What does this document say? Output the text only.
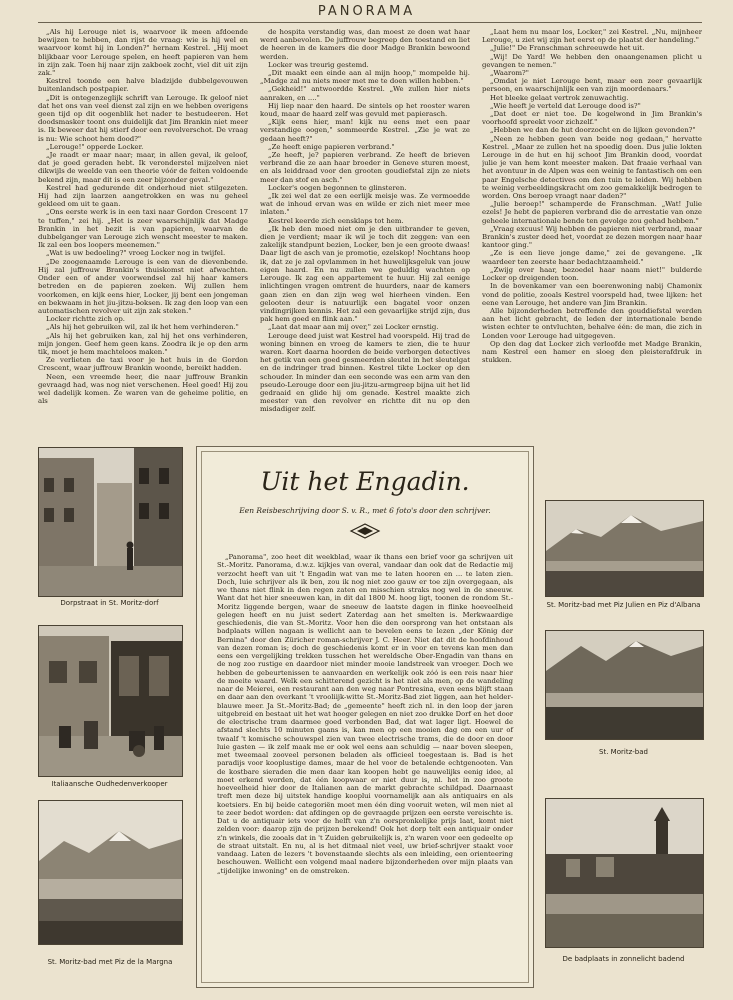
PANORAMA

„Als hij Lerouge niet is, waarvoor ik meen afdoende bewijzen te hebben, dan rijst de vraag: wie is hij wel en waarvoor komt hij in Londen?" hernam Kestrel. „Hij moet blijkbaar voor Lerouge spelen, en heeft papieren van hem in zijn zak. Toen hij naar zijn zakboek zocht, viel dit uit zijn zak."

Kestrel toonde een halve bladzijde dubbelgevouwen buitenlandsch postpapier.

„Dit is ontegenzeglijk schrift van Lerouge. Ik geloof niet dat het ons van veel dienst zal zijn en we hebben overigens geen tijd op dit oogenblik het nader te bestudeeren. Het doodsmasker toont ons duidelijk dat Jim Brankin niet meer is. Ik beweer dat hij stierf door een revolverschot. De vraag is nu: Wie schoot hem dood?"

„Lerouge!" opperde Locker.

„Je raadt er maar naar; maar, in allen geval, ik geloof, dat je goed geraden hebt. Ik veronderstel mijzelven niet dikwijls de weelde van een theorie vóór de feiten voldoende bekend zijn, maar dit is een zeer bijzonder geval."

Kestrel had gedurende dit onderhoud niet stilgezeten. Hij had zijn laarzen aangetrokken en was nu geheel gekleed om uit te gaan.

„Ons eerste werk is in een taxi naar Gordon Crescent 17 te tuffen," zei hij. „Het is zeer waarschijnlijk dat Madge Brankin in het bezit is van papieren, waarvan de dubbelganger van Lerouge zich wenscht meester te maken. Ik zal een bos loopers meenemen."

„Wat is uw bedoeling?" vroeg Locker nog in twijfel.

„De zoogenaamde Lerouge is een van de dievenbende. Hij zal juffrouw Brankin's thuiskomst niet afwachten. Onder een of ander voorwendsel zal hij haar kamers betreden en de papieren zoeken. Wij zullen hem voorkomen, en kijk eens hier, Locker, jij bent een jongeman en bekwaam in het jiu-jitzu-boksen. Ik zag den loop van een automatischen revolver uit zijn zak steken."

Locker richtte zich op.

„Als hij het gebruiken wil, zal ik het hem verhinderen."

„Als hij het gebruiken kan, zal hij het ons verhinderen, mijn jongen. Geef hem geen kans. Zoodra ik je op den arm tik, moet je hem machteloos maken."

Ze verlieten de taxi voor je het huis in de Gordon Crescent, waar juffrouw Brankin woonde, bereikt hadden.

Neen, een vreemde heer, die naar juffrouw Brankin gevraagd had, was nog niet verschenen. Heel goed! Hij zou wel dadelijk komen. Ze waren van de geheime politie, en als

de hospita verstandig was, dan moest ze doen wat haar werd aanbevolen. De juffrouw begreep den toestand en liet de heeren in de kamers die door Madge Brankin bewoond werden.

Locker was treurig gestemd.

„Dit maakt een einde aan al mijn hoop," mompelde hij. „Madge zal nu niets meer met me te doen willen hebben."

„Gekheid!" antwoordde Kestrel. „We zullen hier niets aanraken, en ...."

Hij liep naar den haard. De sintels op het rooster waren koud, maar de haard zelf was gevuld met papierasch.

„Kijk eens hier, man! kijk nu eens met een paar verstandige oogen," sommeerde Kestrel. „Zie je wat ze gedaan heeft?"

„Ze heeft enige papieren verbrand."

„Ze heeft, je? papieren verbrand. Ze heeft de brieven verbrand die ze aan haar broeder in Geneve sturen moest, en als leiddraad voor den grooten goudiefstal zijn ze niets meer dan stof en asch."

Locker's oogen begonnen te glinsteren.

„Ik zei wel dat ze een eerlijk meisje was. Ze vermoedde wat de inhoud ervan was en wilde er zich niet meer mee inlaten."

Kestrel keerde zich eensklaps tot hem.

„Ik heb den moed niet om je den uitbrander te geven, dien je verdient; maar ik wil je toch dit zeggen: van een zakelijk standpunt bezien, Locker, ben je een groote dwaas! Daar ligt de asch van je promotie, ezelskop! Nochtans hoop ik, dat ze je zal opvlammen in het huwelijksgeluk van jouw eigen haard. En nu zullen we geduldig wachten op Lerouge. Ik zag een appartement te huur. Hij zal eenige inlichtingen vragen omtrent de huurders, naar de kamers gaan zien en dan zijn weg wel hierheen vinden. Een gelooten deur is natuurlijk een bagatel voor onzen vindingrijken kennis. Het zal een gevaarlijke strijd zijn, dus pak hem goed en flink aan."

„Laat dat maar aan mij over," zei Locker ernstig.

Lerouge deed juist wat Kestrel had voorspeld. Hij trad de woning binnen en vroeg de kamers te zien, die te huur waren. Kort daarna hoorden de beide verborgen detectives het getik van een goed gesmeerden sleutel in het sleutelgat en de indringer trad binnen. Kestrel tikte Locker op den schouder. In minder dan een seconde was een arm van den pseudo-Lerouge door een jiu-jitzu-armgreep bijna uit het lid gedraaid en glide hij om genade. Kestrel maakte zich meester van den revolver en richtte dit nu op den misdadiger zelf.

„Laat hem nu maar los, Locker," zei Kestrel. „Nu, mijnheer Lerouge, u ziet wij zijn het eerst op de plaatst der handeling."

„Julie!" De Franschman schreeuwde het uit.

„Wij! De Yard! We hebben den onaangenamen plicht u gevangen te nemen."

„Waarom?"

„Omdat je niet Lerouge bent, maar een zeer gevaarlijk persoon, en waarschijnlijk een van zijn moordenaars."

Het bleeke gelaat vertrok zenuwachtig.

„Wie heeft je verteld dat Lerouge dood is?"

„Dat doet er niet toe. De kogelwond in Jim Brankin's voorhoofd spreekt voor zichzelf."

„Hebben we dan de hut doorzocht en de lijken gevonden?"

„Neen ze hebben geen van beide nog gedaan," hervatte Kestrel. „Maar ze zullen het na spoedig doen. Dus julie lokten Lerouge in de hut en hij schoot Jim Brankin dood, voordat julie je van hem kont meester maken. Dat fraaie verhaal van het avontuur in de Alpen was een weinig te fantastisch om een paar Engelsche detectives om den tuin te leiden. Wij hebben te weinig verbeeldingskracht om zoo gemakkelijk bedrogen te worden. Ons beroep vraagt naar daden?"

„Julie beroep!" schamperde de Franschman. „Wat! Julie ezels! Je hebt de papieren verbrand die de arrestatie van onze geheele internationale bende ten gevolge zou gehad hebben."

„Vraag excuus! Wij hebben de papieren niet verbrand, maar Brankin's zuster deed het, voordat ze dezen morgen naar haar kantoor ging."

„Ze is een lieve jonge dame," zei de gevangene. „Ik waardeer ten zeerste haar bedachtzaamheid."

„Zwijg over haar, bezoedel haar naam niet!" bulderde Locker op dreigenden toon.

In de bovenkamer van een boerenwoning nabij Chamonix vond de politie, zooals Kestrel voorspeld had, twee lijken: het eene van Lerouge, het andere van Jim Brankin.

Alle bijzonderheden betreffende den gouddiefstal werden aan het licht gebracht, de leden der internationale bende wisten echter te ontvluchten, behalve één: de man, die zich in Londen voor Lerouge had uitgegeven.

Op den dag dat Locker zich verloofde met Madge Brankin, nam Kestrel een hamer en sloeg den pleisterafdruk in stukken.

Dorpstraat in St. Moritz-dorf
Italiaansche Oudhedenverkooper
St. Moritz-bad met Piz de la Margna
St. Moritz-bad met Piz Julien en Piz d'Albana
St. Moritz-bad
De badplaats in zonnelicht badend
Uit het Engadin.
Een Reisbeschrijving door S. v. R., met 6 foto's door den schrijver.

„Panorama", zoo heet dit weekblad, waar ik thans een brief voor ga schrijven uit St.-Moritz. Panorama, d.w.z. kijkjes van overal, vandaar dan ook dat de Redactie mij verzocht heeft van uit 't Engadin wat van me te laten hooren en ... te laten zien. Doch, luie schrijver als ik ben, zou ik nog niet zoo gauw er toe zijn overgegaan, als we thans niet flink in den regen zaten en misschien straks nog wel in de sneeuw. Want dat het hier sneeuwen kan, in dit dal 1800 M. hoog ligt, toonen de rondom St.-Moritz liggende bergen, waar de sneeuw de laatste dagen in flinke hoeveelheid gelegen heeft en nu juist sedert Zaterdag aan het smelten is. Merkwaardige geschiedenis, die van St.-Moritz. Voor hen die den oorsprong van het ontstaan als badplaats willen nagaan is wellicht aan te bevelen eens te lezen „der König der Bernina" door den Züricher roman-schrijver J. C. Heer. Niet dat dit de hoofdinhoud van dezen roman is; doch de geschiedenis komt er in voor en tevens kan men dan eens een vergelijking trekken tusschen het wereldsche Ober-Engadin van thans en de nog zoo rustige en daardoor niet minder mooie landstreek van vroeger. Doch we hebben de gebeurtenissen te aanvaarden en werkelijk ook zóó is een reis naar hier de moeite waard. Welk een schitterend gezicht is het niet als men, op de wandeling naar de Meierei, een restaurant aan den weg naar Pontresina, even eens blijft staan en daar aan den overkant 't vrooliijk-witte St.-Moritz-Bad ziet liggen, aan het helder-blauwe meer. Ja St.-Moritz-Bad; de „gemeente" heeft zich nl. in den loop der jaren uitgebreid en bestaat uit het wat hooger gelegen en niet zoo drukke Dorf en het door de electrische tram daarmee goed verbonden Bad, dat wat lager ligt. Hoewel de afstand slechts 10 minuten gaans is, kan men op een mooien dag om een uur of twaalf 't komische schouwspel zien van twee electrische trams, die de door en door luie gasten — ik zelf maak me er ook wel eens aan schuldig — naar boven sleepen, met tweemaal zooveel personen beladen als officieel toegestaan is. Bad is het paradijs voor kooplustige dames, maar de hel voor de betalende echtgenooten. Van de kostbare sieraden die men daar kan koopen hebt ge nauwelijks eenig idee, al moet erkend worden, dat één koopwaar er niet duur is, nl. het in zoo groote hoeveelheid hier door de Italianen aan de markt gebrachte schildpad. Daarnaast treft men deze bij uitstek handige kooplui voornamelijk aan als antiquairs en als koetsiers. En bij beide categoriën moet men één ding vooruit weten, wil men niet al te zeer bedot worden: dat afdingen op de gevraagde prijzen een eerste vereischte is. Dat u de antiquair iets voor de helft van z'n oorspronkelijke prijs laat, komt niet zelden voor: daarop zijn de prijzen berekend! Ook het dorp telt een antiquair onder z'n winkels, die zooals dat in 't Zuiden gebruikelijk is, z'n waren voor een gedeelte op de straat uitstalt. En nu, al is het ditmaal niet veel, uw brief-schrijver staakt voor vandaag. Laten de lezers 't bovenstaande slechts als een inleiding, een orienteering beschouwen. Wellicht een volgend maal nadere bijzonderheden over mijn plaats van „tijdelijke inwoning" en de omstreken.
